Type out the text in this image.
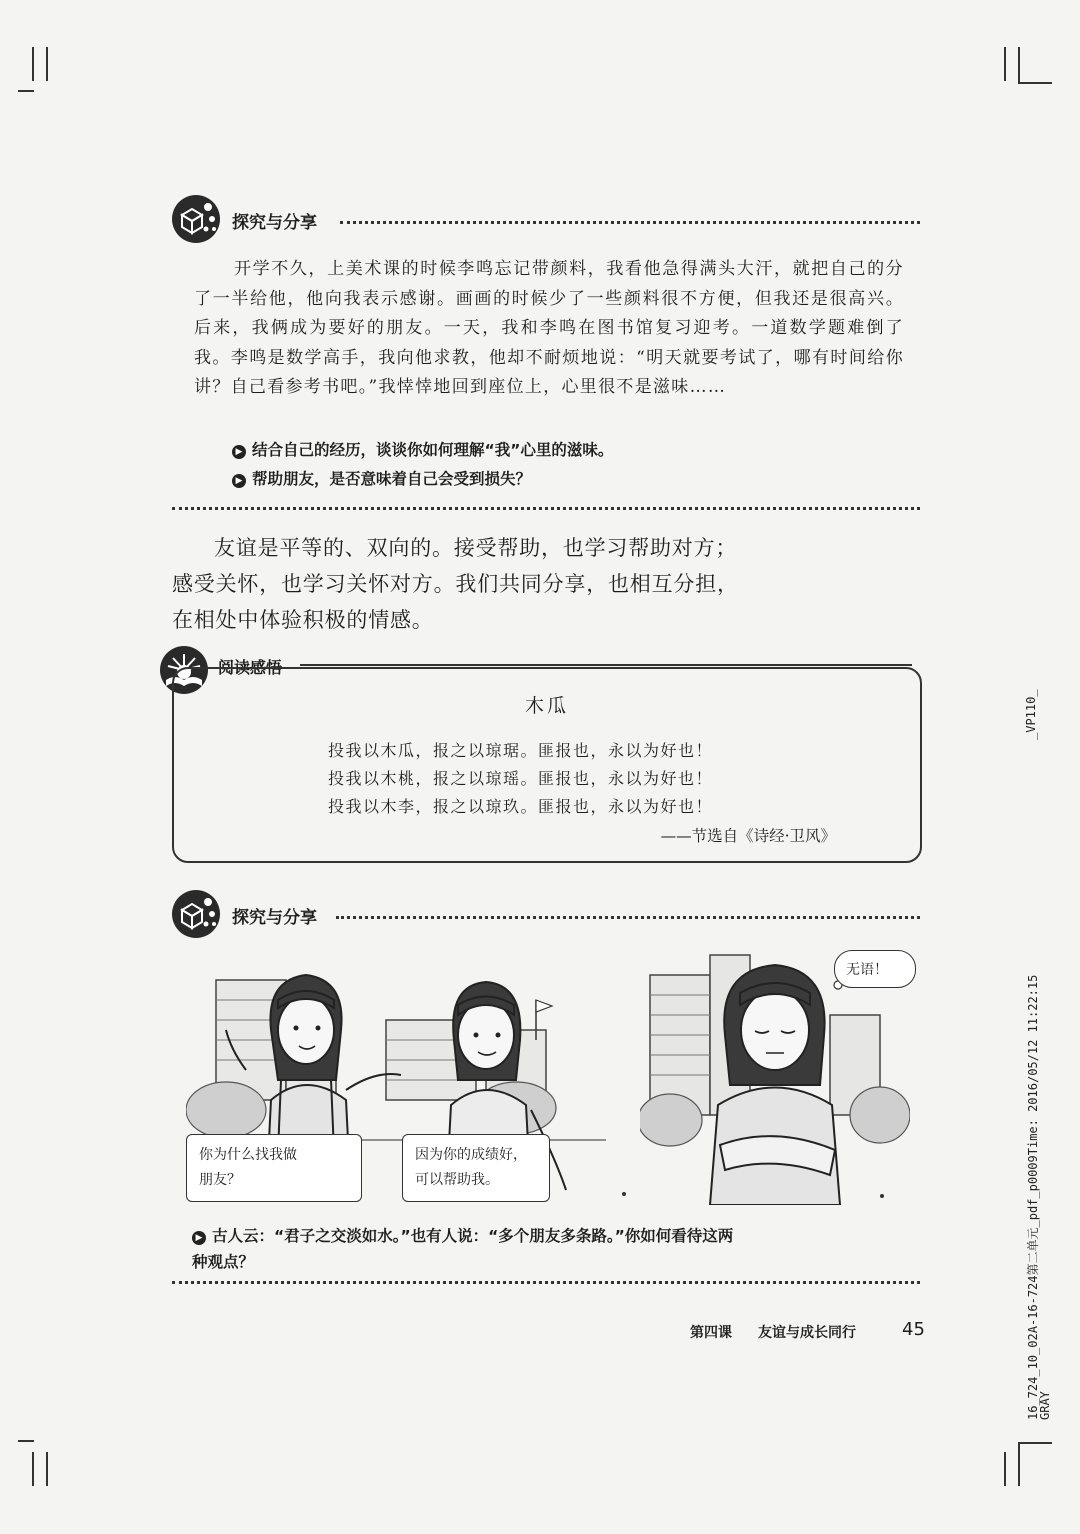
探究与分享

开学不久，上美术课的时候李鸣忘记带颜料，我看他急得满头大汗，就把自己的分了一半给他，他向我表示感谢。画画的时候少了一些颜料很不方便，但我还是很高兴。后来，我俩成为要好的朋友。一天，我和李鸣在图书馆复习迎考。一道数学题难倒了我。李鸣是数学高手，我向他求教，他却不耐烦地说：“明天就要考试了，哪有时间给你讲？自己看参考书吧。”我悻悻地回到座位上，心里很不是滋味……

▶ 结合自己的经历，谈谈你如何理解“我”心里的滋味。
▶ 帮助朋友，是否意味着自己会受到损失？

友谊是平等的、双向的。接受帮助，也学习帮助对方；

感受关怀，也学习关怀对方。我们共同分享，也相互分担，

在相处中体验积极的情感。

阅读感悟
木瓜
投我以木瓜，报之以琼琚。匪报也，永以为好也！
投我以木桃，报之以琼瑶。匪报也，永以为好也！
投我以木李，报之以琼玖。匪报也，永以为好也！
——节选自《诗经·卫风》
探究与分享
你为什么找我做
朋友？
因为你的成绩好，
可以帮助我。
无语！
▶ 古人云：“君子之交淡如水。”也有人说：“多个朋友多条路。”你如何看待这两
种观点？
第四课 友谊与成长同行	45
_VP110_
16_724_10_02A-16-724第二单元_pdf_p0009Time: 2016/05/12 11:22:15
GRAY
